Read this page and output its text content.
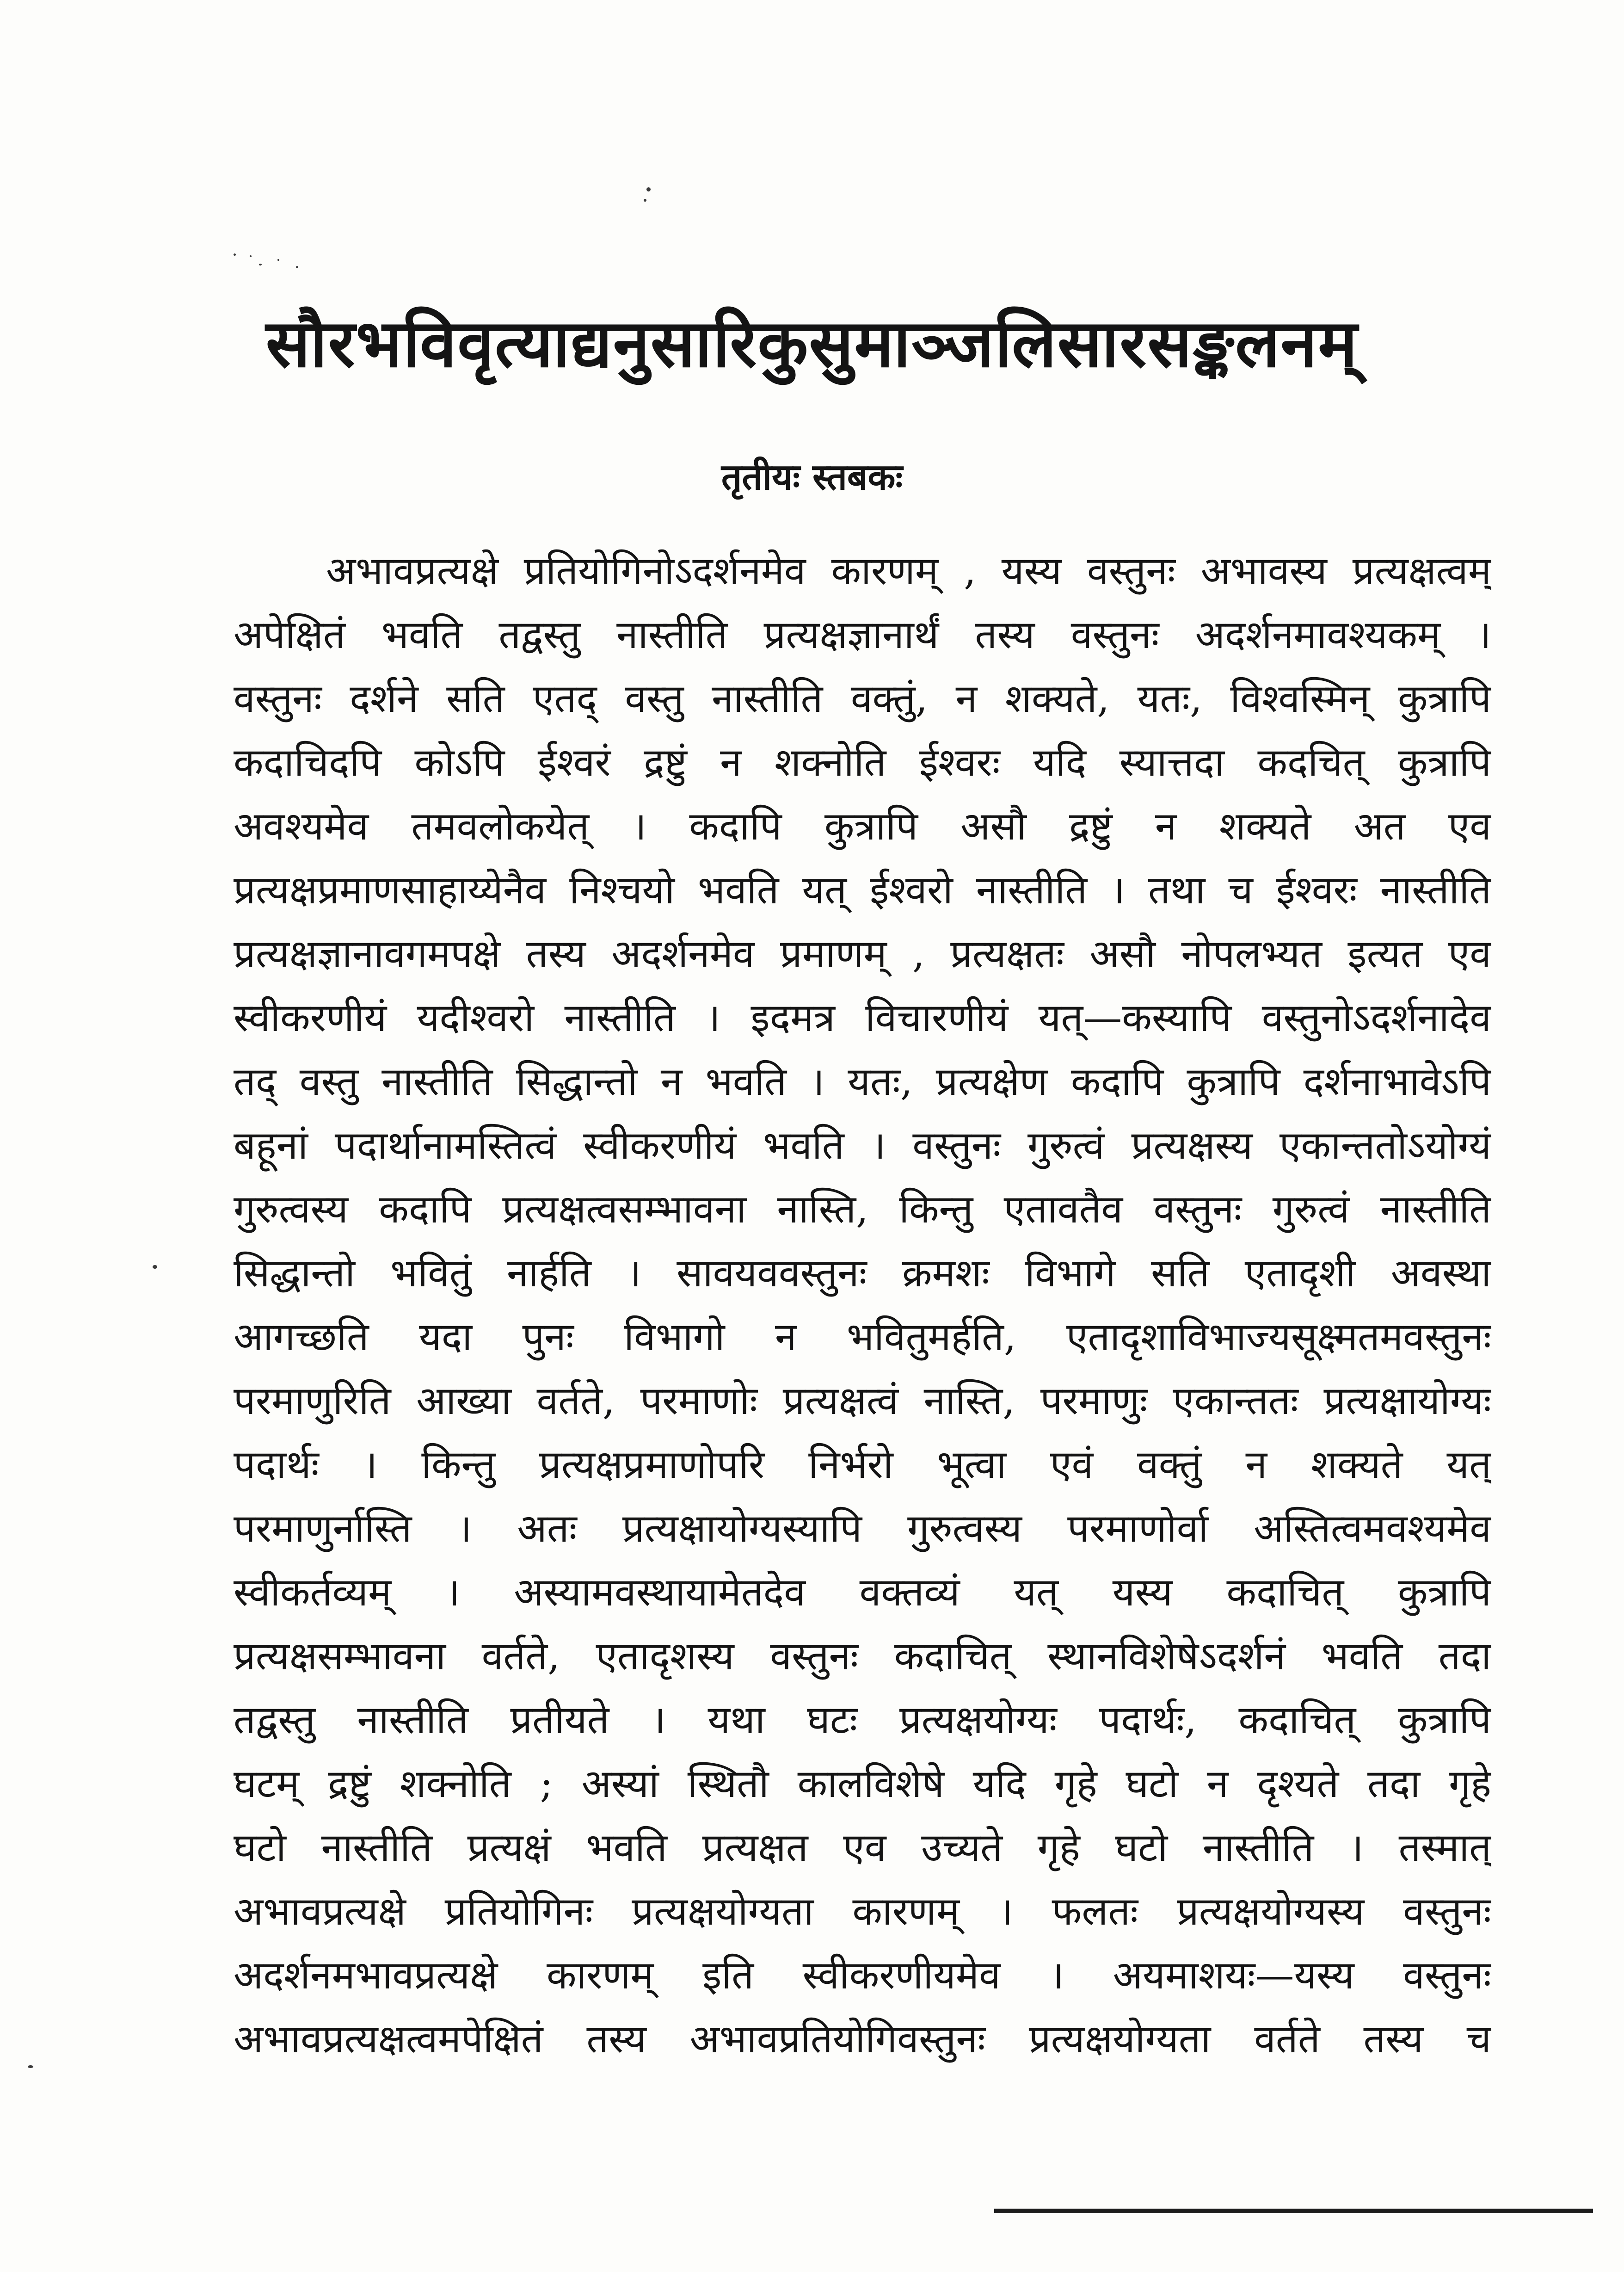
सौरभविवृत्याद्यनुसारिकुसुमाञ्जलिसारसङ्कलनम्
तृतीयः स्तबकः
अभावप्रत्यक्षे प्रतियोगिनोऽदर्शनमेव कारणम् , यस्य वस्तुनः अभावस्य प्रत्यक्षत्वम्
अपेक्षितं भवति तद्वस्तु नास्तीति प्रत्यक्षज्ञानार्थं तस्य वस्तुनः अदर्शनमावश्यकम् ।
वस्तुनः दर्शने सति एतद् वस्तु नास्तीति वक्तुं, न शक्यते, यतः, विश्वस्मिन् कुत्रापि
कदाचिदपि कोऽपि ईश्वरं द्रष्टुं न शक्नोति ईश्वरः यदि स्यात्तदा कदचित् कुत्रापि
अवश्यमेव तमवलोकयेत् । कदापि कुत्रापि असौ द्रष्टुं न शक्यते अत एव
प्रत्यक्षप्रमाणसाहाय्येनैव निश्चयो भवति यत् ईश्वरो नास्तीति । तथा च ईश्वरः नास्तीति
प्रत्यक्षज्ञानावगमपक्षे तस्य अदर्शनमेव प्रमाणम् , प्रत्यक्षतः असौ नोपलभ्यत इत्यत एव
स्वीकरणीयं यदीश्वरो नास्तीति । इदमत्र विचारणीयं यत्—कस्यापि वस्तुनोऽदर्शनादेव
तद् वस्तु नास्तीति सिद्धान्तो न भवति । यतः, प्रत्यक्षेण कदापि कुत्रापि दर्शनाभावेऽपि
बहूनां पदार्थानामस्तित्वं स्वीकरणीयं भवति । वस्तुनः गुरुत्वं प्रत्यक्षस्य एकान्ततोऽयोग्यं
गुरुत्वस्य कदापि प्रत्यक्षत्वसम्भावना नास्ति, किन्तु एतावतैव वस्तुनः गुरुत्वं नास्तीति
सिद्धान्तो भवितुं नार्हति । सावयववस्तुनः क्रमशः विभागे सति एतादृशी अवस्था
आगच्छति यदा पुनः विभागो न भवितुमर्हति, एतादृशाविभाज्यसूक्ष्मतमवस्तुनः
परमाणुरिति आख्या वर्तते, परमाणोः प्रत्यक्षत्वं नास्ति, परमाणुः एकान्ततः प्रत्यक्षायोग्यः
पदार्थः । किन्तु प्रत्यक्षप्रमाणोपरि निर्भरो भूत्वा एवं वक्तुं न शक्यते यत्
परमाणुर्नास्ति । अतः प्रत्यक्षायोग्यस्यापि गुरुत्वस्य परमाणोर्वा अस्तित्वमवश्यमेव
स्वीकर्तव्यम् । अस्यामवस्थायामेतदेव वक्तव्यं यत् यस्य कदाचित् कुत्रापि
प्रत्यक्षसम्भावना वर्तते, एतादृशस्य वस्तुनः कदाचित् स्थानविशेषेऽदर्शनं भवति तदा
तद्वस्तु नास्तीति प्रतीयते । यथा घटः प्रत्यक्षयोग्यः पदार्थः, कदाचित् कुत्रापि
घटम् द्रष्टुं शक्नोति ; अस्यां स्थितौ कालविशेषे यदि गृहे घटो न दृश्यते तदा गृहे
घटो नास्तीति प्रत्यक्षं भवति प्रत्यक्षत एव उच्यते गृहे घटो नास्तीति । तस्मात्
अभावप्रत्यक्षे प्रतियोगिनः प्रत्यक्षयोग्यता कारणम् । फलतः प्रत्यक्षयोग्यस्य वस्तुनः
अदर्शनमभावप्रत्यक्षे कारणम् इति स्वीकरणीयमेव । अयमाशयः—यस्य वस्तुनः
अभावप्रत्यक्षत्वमपेक्षितं तस्य अभावप्रतियोगिवस्तुनः प्रत्यक्षयोग्यता वर्तते तस्य च
